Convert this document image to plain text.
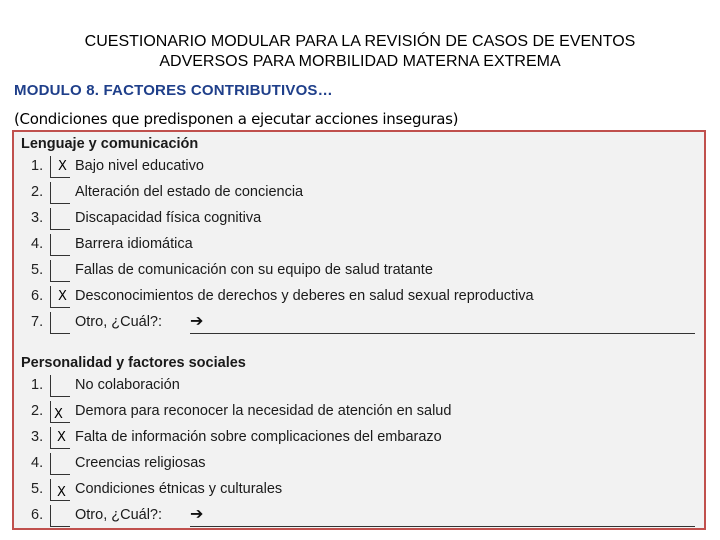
CUESTIONARIO MODULAR PARA LA REVISIÓN DE CASOS DE EVENTOS
ADVERSOS PARA MORBILIDAD MATERNA EXTREMA
MODULO 8. FACTORES CONTRIBUTIVOS…
(Condiciones que predisponen a ejecutar acciones inseguras)
Lenguaje y comunicación
1.	X Bajo nivel educativo
2.	Alteración del estado de conciencia
3.	Discapacidad física cognitiva
4.	Barrera idiomática
5.	Fallas de comunicación con su equipo de salud tratante
6.	X Desconocimientos de derechos y deberes en salud sexual reproductiva
7.	Otro, ¿Cuál?: ➔
Personalidad y factores sociales
1.	No colaboración
2. X Demora para reconocer la necesidad de atención en salud
3.	X Falta de información sobre complicaciones del embarazo
4.	Creencias religiosas
5.	X Condiciones étnicas y culturales
6.	Otro, ¿Cuál?: ➔
